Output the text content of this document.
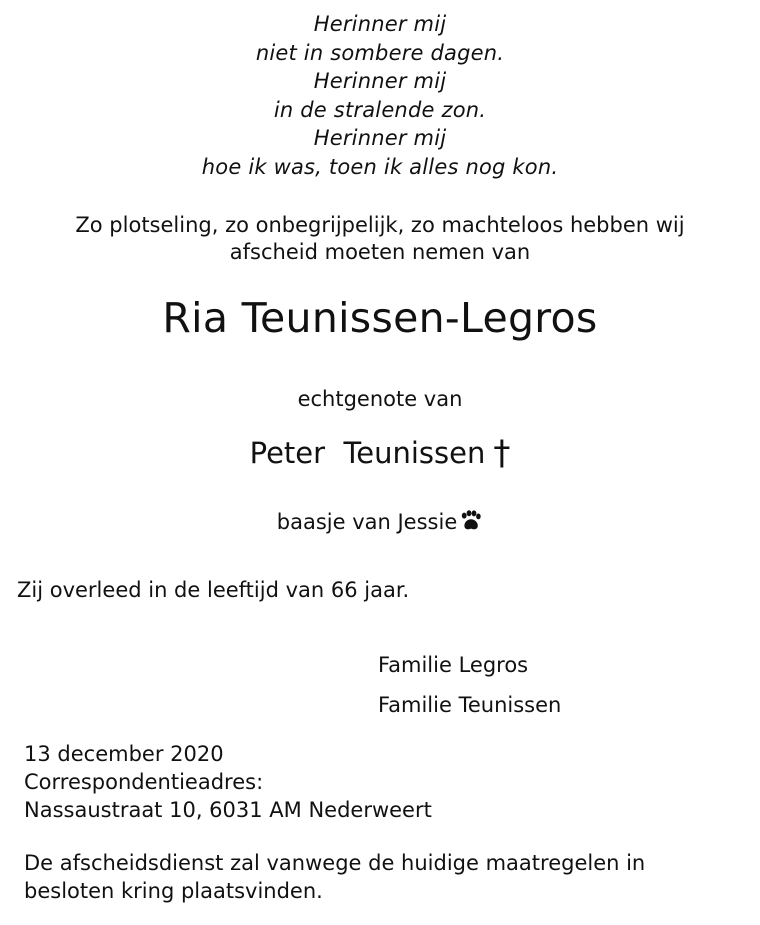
Herinner mij
niet in sombere dagen.
Herinner mij
in de stralende zon.
Herinner mij
hoe ik was, toen ik alles nog kon.
Zo plotseling, zo onbegrijpelijk, zo machteloos hebben wij
afscheid moeten nemen van
Ria Teunissen-Legros
echtgenote van
Peter  Teunissen †
baasje van Jessie
Zij overleed in de leeftijd van 66 jaar.
Familie Legros
Familie Teunissen
13 december 2020
Correspondentieadres:
Nassaustraat 10, 6031 AM Nederweert
De afscheidsdienst zal vanwege de huidige maatregelen in
besloten kring plaatsvinden.
